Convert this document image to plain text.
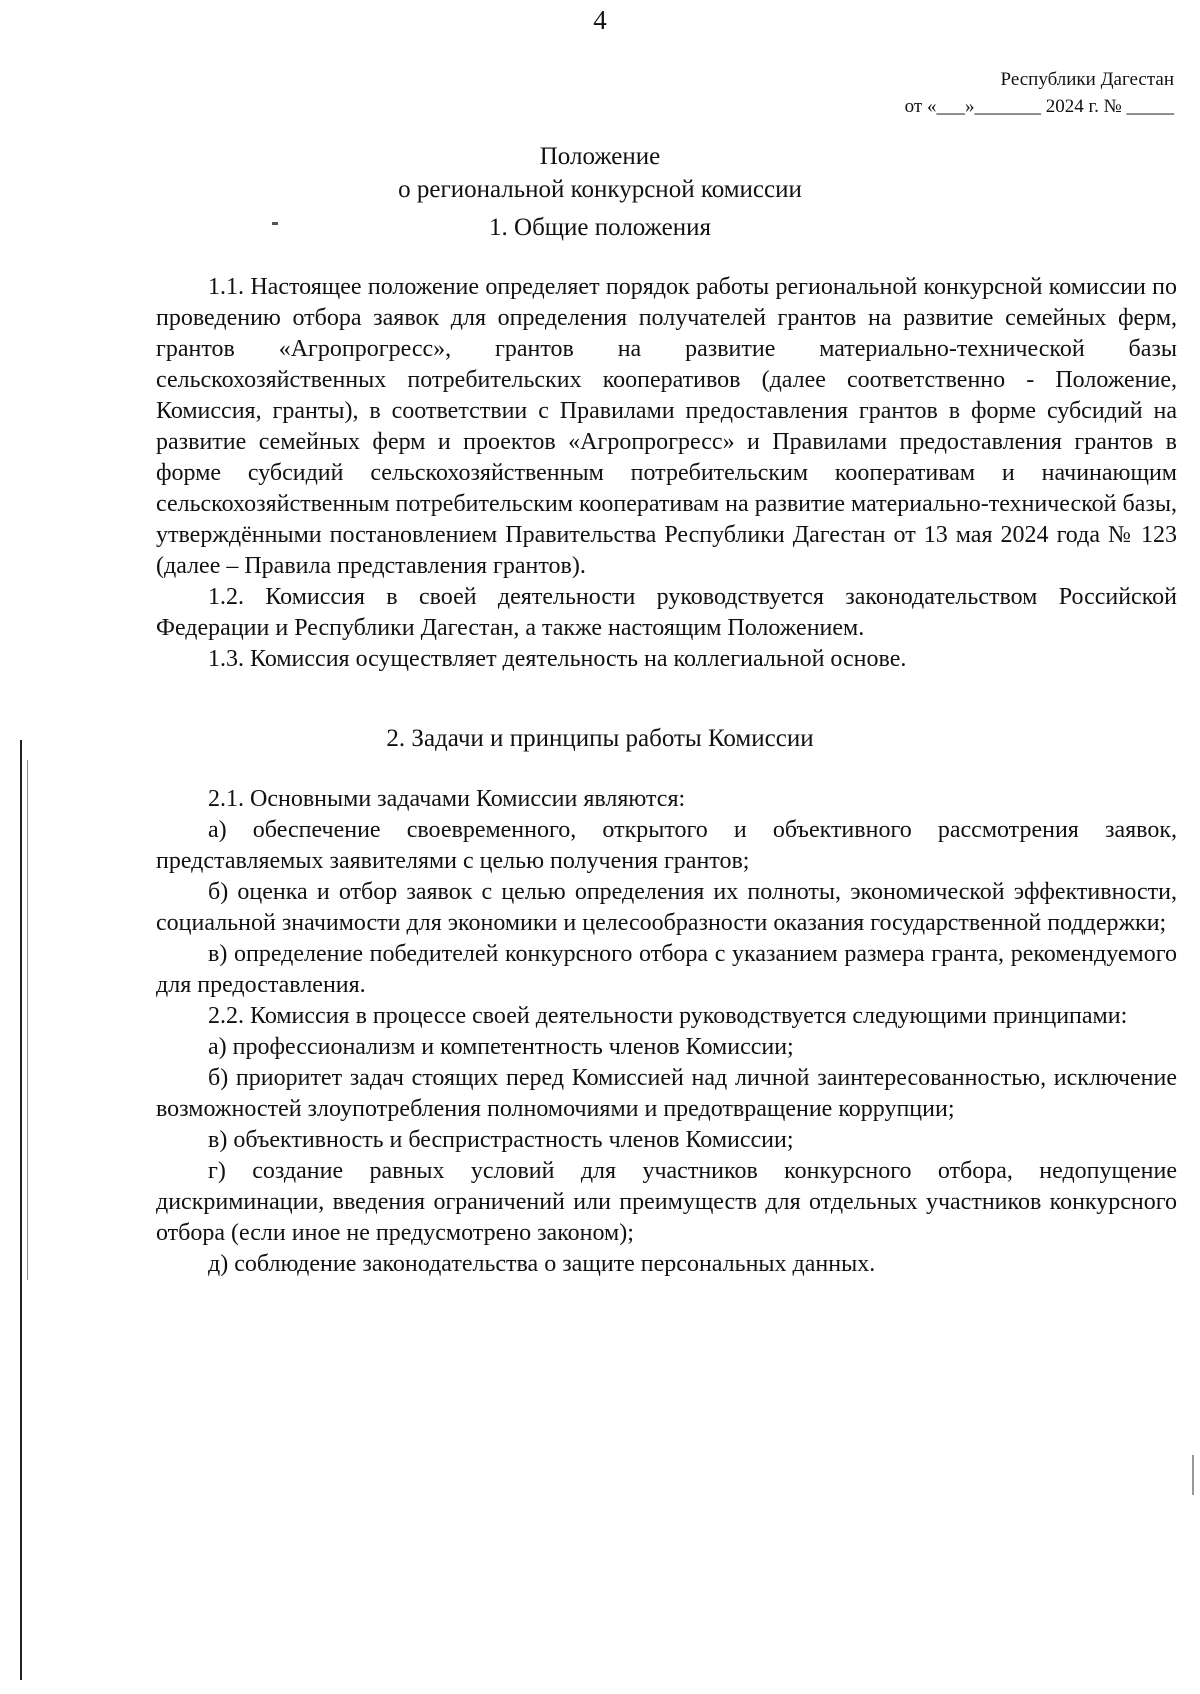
4
Республики Дагестан
от «___»_______ 2024 г. № _____
Положение
о региональной конкурсной комиссии
1. Общие положения

1.1. Настоящее положение определяет порядок работы региональной конкурсной комиссии по проведению отбора заявок для определения получателей грантов на развитие семейных ферм, грантов «Агропрогресс», грантов на развитие материально-технической базы сельскохозяйственных потребительских кооперативов (далее соответственно - Положение, Комиссия, гранты), в соответствии с Правилами предоставления грантов в форме субсидий на развитие семейных ферм и проектов «Агропрогресс» и Правилами предоставления грантов в форме субсидий сельскохозяйственным потребительским кооперативам и начинающим сельскохозяйственным потребительским кооперативам на развитие материально-технической базы, утверждёнными постановлением Правительства Республики Дагестан от 13 мая 2024 года № 123 (далее – Правила представления грантов).

1.2. Комиссия в своей деятельности руководствуется законодательством Российской Федерации и Республики Дагестан, а также настоящим Положением.

1.3. Комиссия осуществляет деятельность на коллегиальной основе.

2. Задачи и принципы работы Комиссии

2.1. Основными задачами Комиссии являются:

а) обеспечение своевременного, открытого и объективного рассмотрения заявок, представляемых заявителями с целью получения грантов;

б) оценка и отбор заявок с целью определения их полноты, экономической эффективности, социальной значимости для экономики и целесообразности оказания государственной поддержки;

в) определение победителей конкурсного отбора с указанием размера гранта, рекомендуемого для предоставления.

2.2. Комиссия в процессе своей деятельности руководствуется следующими принципами:

а) профессионализм и компетентность членов Комиссии;

б) приоритет задач стоящих перед Комиссией над личной заинтересованностью, исключение возможностей злоупотребления полномочиями и предотвращение коррупции;

в) объективность и беспристрастность членов Комиссии;

г) создание равных условий для участников конкурсного отбора, недопущение дискриминации, введения ограничений или преимуществ для отдельных участников конкурсного отбора (если иное не предусмотрено законом);

д) соблюдение законодательства о защите персональных данных.
